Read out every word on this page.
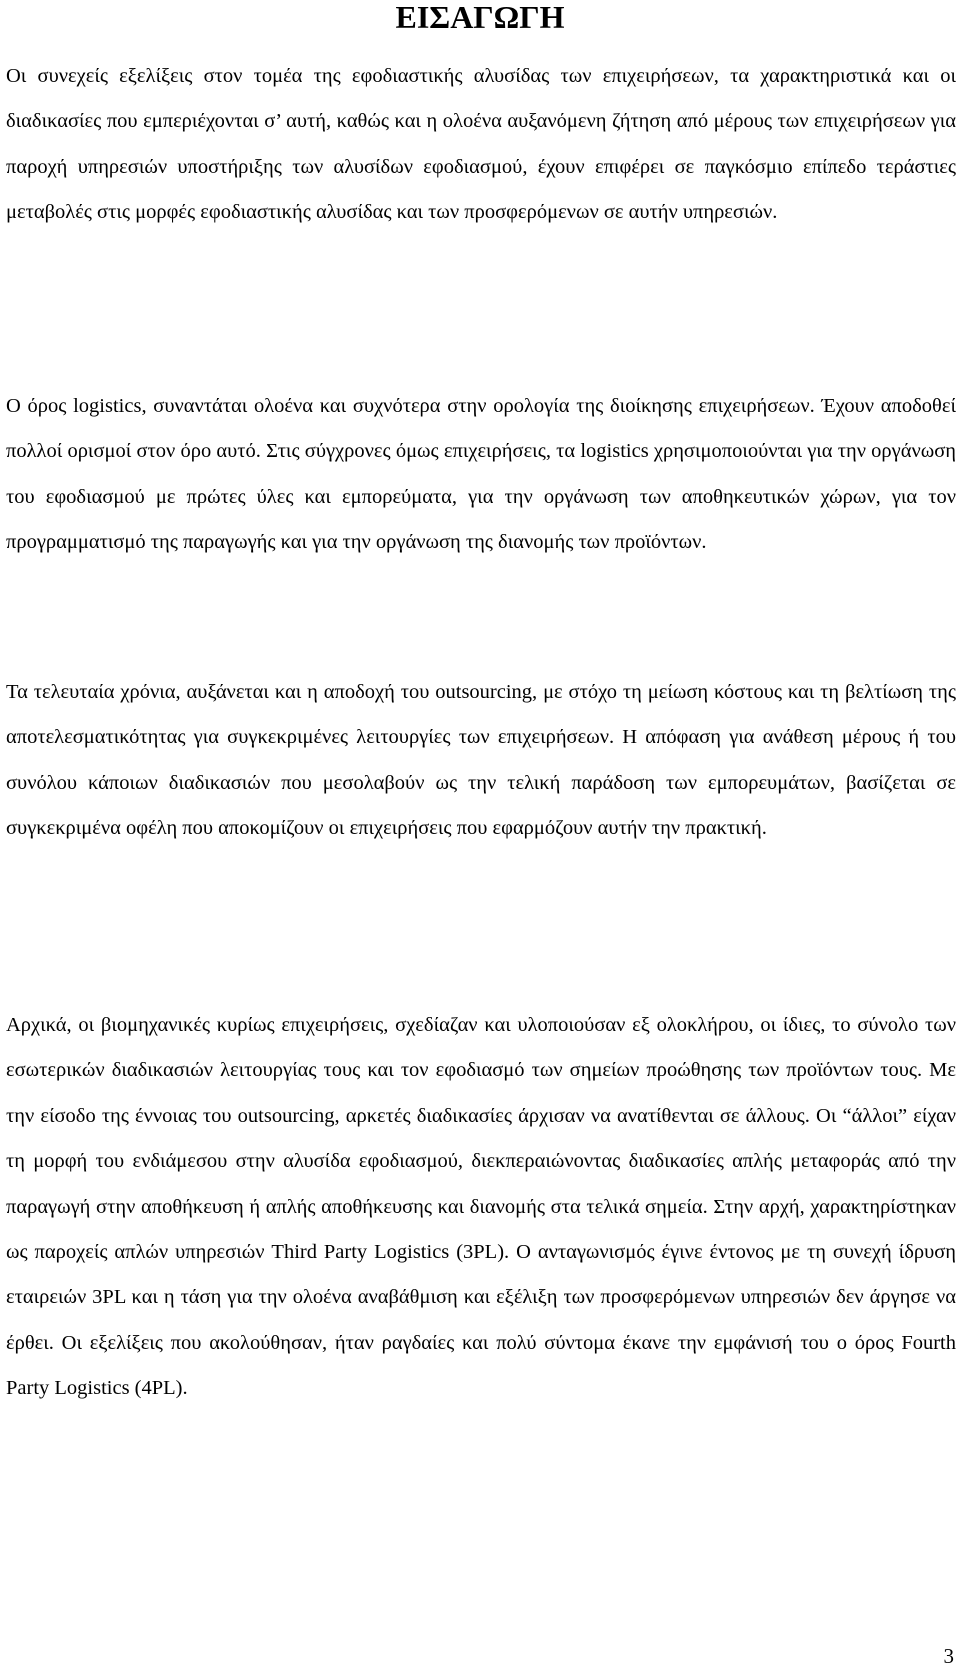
ΕΙΣΑΓΩΓΗ

Οι συνεχείς εξελίξεις στον τομέα της εφοδιαστικής αλυσίδας των επιχειρήσεων, τα χαρακτηριστικά και οι διαδικασίες που εμπεριέχονται σ’ αυτή, καθώς και η ολοένα αυξανόμενη ζήτηση από μέρους των επιχειρήσεων για παροχή υπηρεσιών υποστήριξης των αλυσίδων εφοδιασμού, έχουν επιφέρει σε παγκόσμιο επίπεδο τεράστιες μεταβολές στις μορφές εφοδιαστικής αλυσίδας και των προσφερόμενων σε αυτήν υπηρεσιών.

Ο όρος logistics, συναντάται ολοένα και συχνότερα στην ορολογία της διοίκησης επιχειρήσεων. Έχουν αποδοθεί πολλοί ορισμοί στον όρο αυτό. Στις σύγχρονες όμως επιχειρήσεις, τα logistics χρησιμοποιούνται για την οργάνωση του εφοδιασμού με πρώτες ύλες και εμπορεύματα, για την οργάνωση των αποθηκευτικών χώρων, για τον προγραμματισμό της παραγωγής και για την οργάνωση της διανομής των προϊόντων.

Τα τελευταία χρόνια, αυξάνεται και η αποδοχή του outsourcing, με στόχο τη μείωση κόστους και τη βελτίωση της αποτελεσματικότητας για συγκεκριμένες λειτουργίες των επιχειρήσεων. Η απόφαση για ανάθεση μέρους ή του συνόλου κάποιων διαδικασιών που μεσολαβούν ως την τελική παράδοση των εμπορευμάτων, βασίζεται σε συγκεκριμένα οφέλη που αποκομίζουν οι επιχειρήσεις που εφαρμόζουν αυτήν την πρακτική.

Αρχικά, οι βιομηχανικές κυρίως επιχειρήσεις, σχεδίαζαν και υλοποιούσαν εξ ολοκλήρου, οι ίδιες, το σύνολο των εσωτερικών διαδικασιών λειτουργίας τους και τον εφοδιασμό των σημείων προώθησης των προϊόντων τους. Με την είσοδο της έννοιας του outsourcing, αρκετές διαδικασίες άρχισαν να ανατίθενται σε άλλους. Οι “άλλοι” είχαν τη μορφή του ενδιάμεσου στην αλυσίδα εφοδιασμού, διεκπεραιώνοντας διαδικασίες απλής μεταφοράς από την παραγωγή στην αποθήκευση ή απλής αποθήκευσης και διανομής στα τελικά σημεία. Στην αρχή, χαρακτηρίστηκαν ως παροχείς απλών υπηρεσιών Third Party Logistics (3PL). Ο ανταγωνισμός έγινε έντονος με τη συνεχή ίδρυση εταιρειών 3PL και η τάση για την ολοένα αναβάθμιση και εξέλιξη των προσφερόμενων υπηρεσιών δεν άργησε να έρθει. Οι εξελίξεις που ακολούθησαν, ήταν ραγδαίες και πολύ σύντομα έκανε την εμφάνισή του ο όρος Fourth Party Logistics (4PL).

3
